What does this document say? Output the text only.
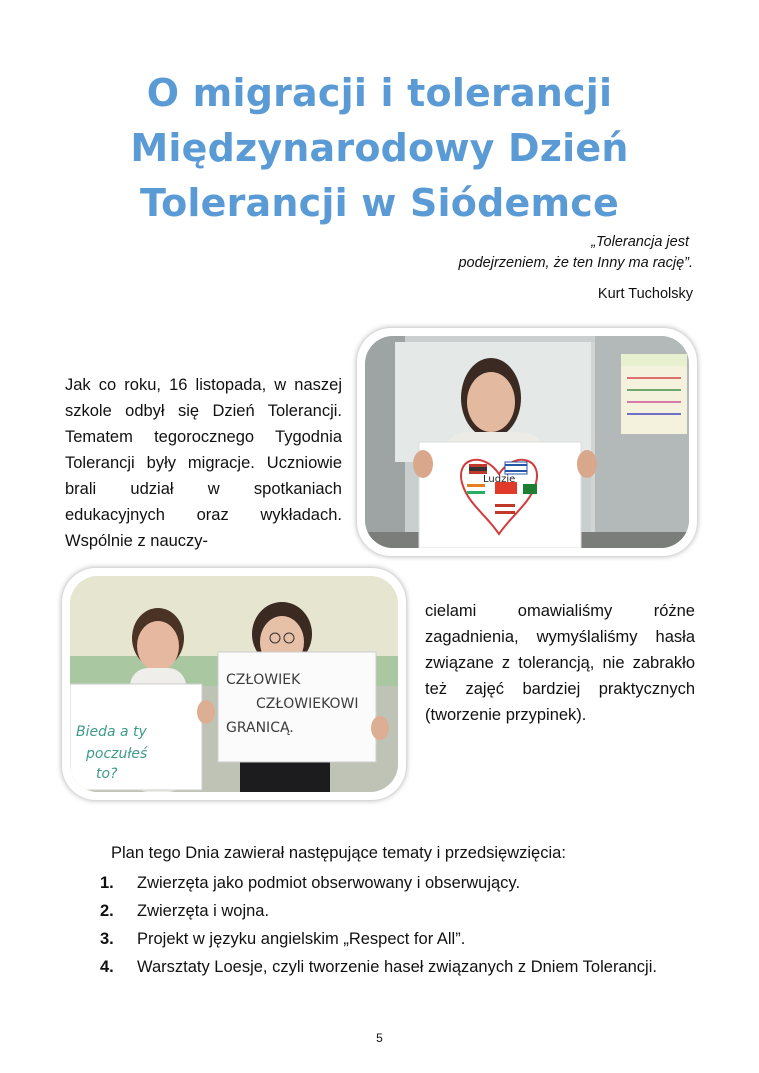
O migracji i tolerancji
Międzynarodowy Dzień
Tolerancji w Siódemce
„Tolerancja jest
podejrzeniem, że ten Inny ma rację”.
Kurt Tucholsky
Jak co roku, 16 listopada, w naszej szkole odbył się Dzień Tolerancji. Tematem tegorocznego Tygodnia Tolerancji były migracje. Uczniowie brali udział w spotkaniach edukacyjnych oraz wykładach. Wspólnie z nauczy-
Ludzie
CZŁOWIEK
CZŁOWIEKOWI
GRANICĄ.
Bieda a ty
poczułeś
to?
cielami omawialiśmy różne zagadnienia, wymyślaliśmy hasła związane z tolerancją, nie zabrakło też zajęć bardziej praktycznych (tworzenie przypinek).
Plan tego Dnia zawierał następujące tematy i przedsięwzięcia:
1. Zwierzęta jako podmiot obserwowany i obserwujący.
2. Zwierzęta i wojna.
3. Projekt w języku angielskim „Respect for All”.
4. Warsztaty Loesje, czyli tworzenie haseł związanych z Dniem Tolerancji.
5
